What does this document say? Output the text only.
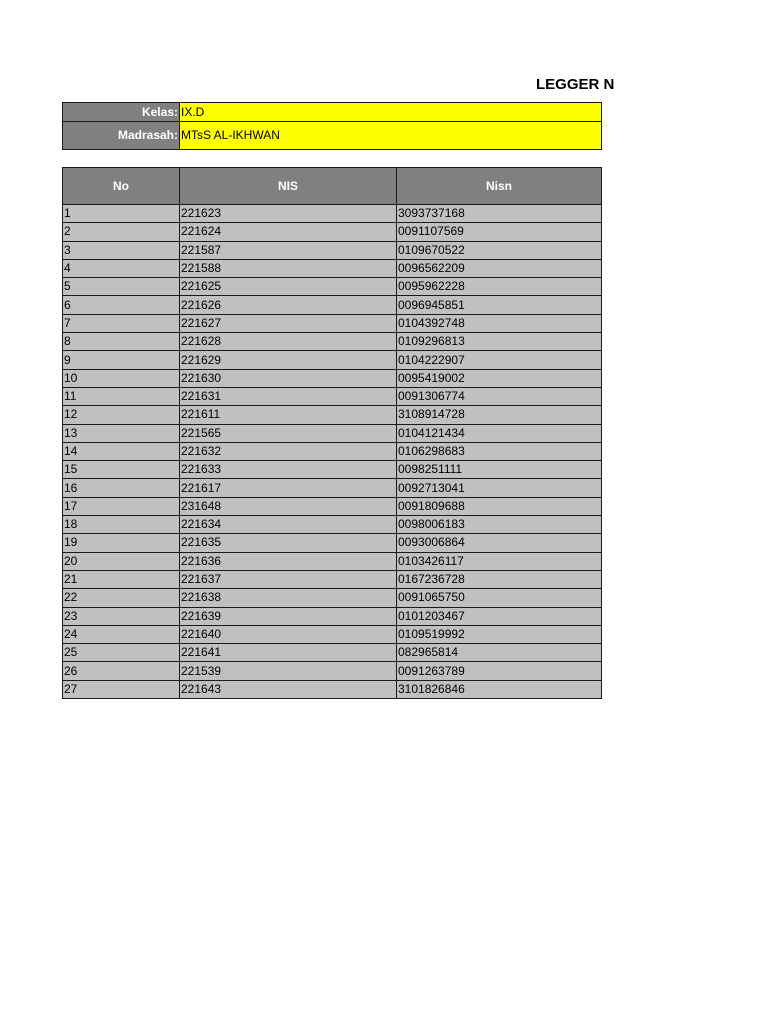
LEGGER N
Kelas:	IX.D
Madrasah:	MTsS AL-IKHWAN
No	NIS	Nisn
1	221623	3093737168
2	221624	0091107569
3	221587	0109670522
4	221588	0096562209
5	221625	0095962228
6	221626	0096945851
7	221627	0104392748
8	221628	0109296813
9	221629	0104222907
10	221630	0095419002
11	221631	0091306774
12	221611	3108914728
13	221565	0104121434
14	221632	0106298683
15	221633	0098251111
16	221617	0092713041
17	231648	0091809688
18	221634	0098006183
19	221635	0093006864
20	221636	0103426117
21	221637	0167236728
22	221638	0091065750
23	221639	0101203467
24	221640	0109519992
25	221641	082965814
26	221539	0091263789
27	221643	3101826846
